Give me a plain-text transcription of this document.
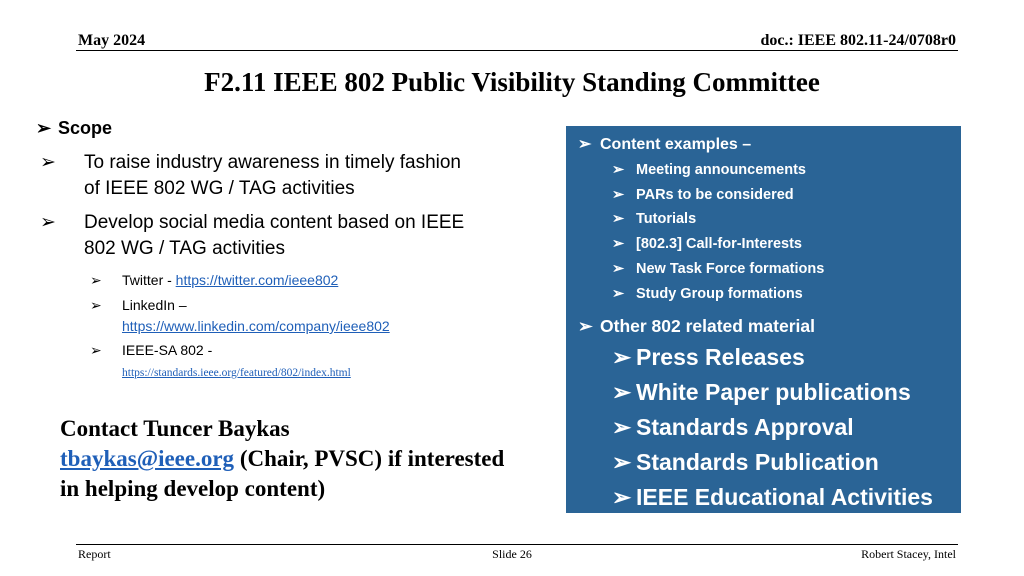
May 2024	doc.: IEEE 802.11-24/0708r0
F2.11 IEEE 802 Public Visibility Standing Committee
➢ Scope
➢ To raise industry awareness in timely fashion of IEEE 802 WG / TAG activities
➢ Develop social media content based on IEEE 802 WG / TAG activities
➢ Twitter - https://twitter.com/ieee802
➢ LinkedIn –
https://www.linkedin.com/company/ieee802
➢ IEEE-SA 802 -
https://standards.ieee.org/featured/802/index.html
Contact Tuncer Baykas
tbaykas@ieee.org (Chair, PVSC) if interested in helping develop content)
➢ Content examples –
➢ Meeting announcements
➢ PARs to be considered
➢ Tutorials
➢ [802.3] Call-for-Interests
➢ New Task Force formations
➢ Study Group formations
➢ Other 802 related material
➢ Press Releases
➢ White Paper publications
➢ Standards Approval
➢ Standards Publication
➢ IEEE Educational Activities
Report	Slide 26	Robert Stacey, Intel
